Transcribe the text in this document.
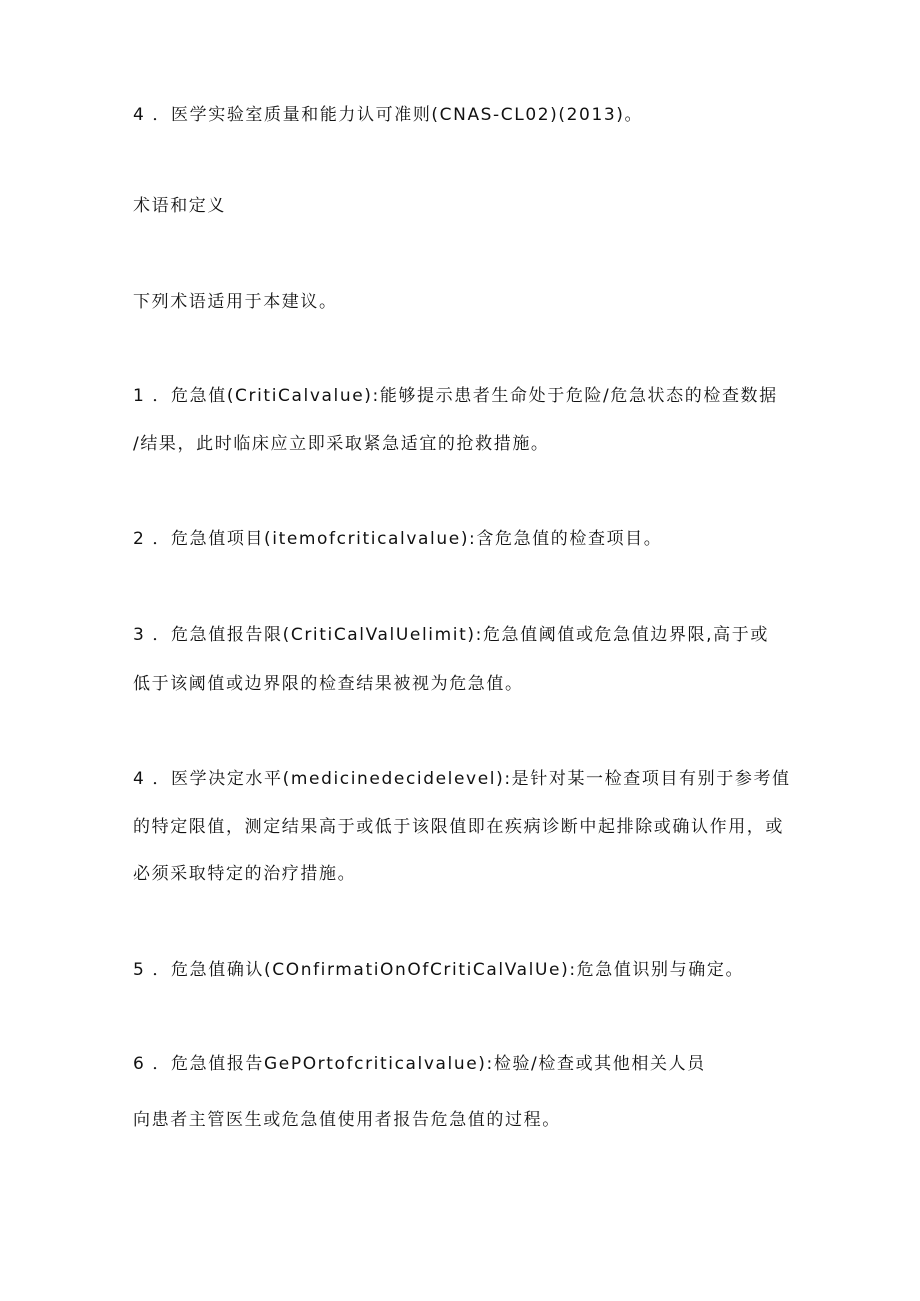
4 ．医学实验室质量和能力认可准则(CNAS-CL02)(2013)。

术语和定义

下列术语适用于本建议。

1 ．危急值(CritiCalvalue):能够提示患者生命处于危险/危急状态的检查数据

/结果，此时临床应立即采取紧急适宜的抢救措施。

2 ．危急值项目(itemofcriticalvalue):含危急值的检查项目。

3 ．危急值报告限(CritiCalValUelimit):危急值阈值或危急值边界限,高于或

低于该阈值或边界限的检查结果被视为危急值。

4 ．医学决定水平(medicinedecidelevel):是针对某一检查项目有别于参考值

的特定限值，测定结果高于或低于该限值即在疾病诊断中起排除或确认作用，或

必须采取特定的治疗措施。

5 ．危急值确认(COnfirmatiOnOfCritiCalValUe):危急值识别与确定。

6 ．危急值报告GePOrtofcriticalvalue):检验/检查或其他相关人员

向患者主管医生或危急值使用者报告危急值的过程。
